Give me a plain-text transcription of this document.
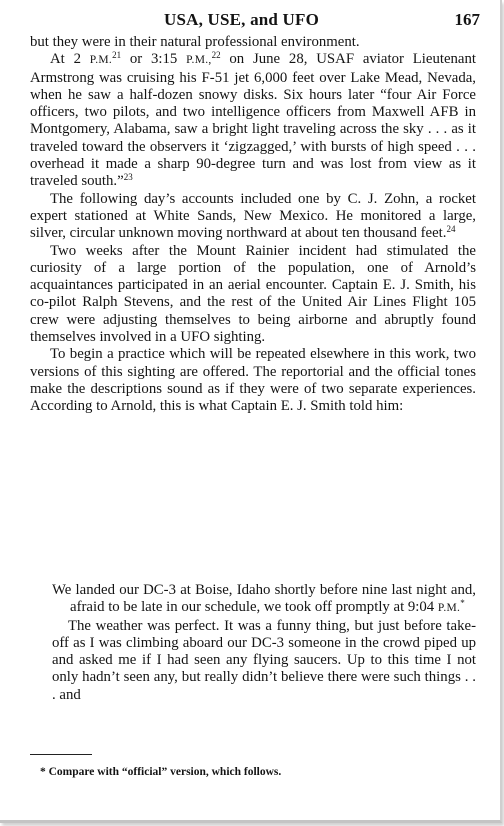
USA, USE, and UFO	167

but they were in their natural professional environment.

At 2 P.M.$^{21}$ or 3:15 P.M.,$^{22}$ on June 28, USAF aviator Lieutenant Armstrong was cruising his F-51 jet 6,000 feet over Lake Mead, Nevada, when he saw a half-dozen snowy disks. Six hours later “four Air Force officers, two pilots, and two intelligence officers from Maxwell AFB in Montgomery, Alabama, saw a bright light traveling across the sky . . . as it traveled toward the observers it ‘zigzagged,’ with bursts of high speed . . . overhead it made a sharp 90-degree turn and was lost from view as it traveled south.”$^{23}$

The following day’s accounts included one by C. J. Zohn, a rocket expert stationed at White Sands, New Mexico. He monitored a large, silver, circular unknown moving northward at about ten thousand feet.$^{24}$

Two weeks after the Mount Rainier incident had stimulated the curiosity of a large portion of the population, one of Arnold’s acquaintances participated in an aerial encounter. Captain E. J. Smith, his co-pilot Ralph Stevens, and the rest of the United Air Lines Flight 105 crew were adjusting themselves to being airborne and abruptly found themselves involved in a UFO sighting.

To begin a practice which will be repeated elsewhere in this work, two versions of this sighting are offered. The reportorial and the official tones make the descriptions sound as if they were of two separate experiences. According to Arnold, this is what Captain E. J. Smith told him:

We landed our DC-3 at Boise, Idaho shortly before nine last night and, afraid to be late in our schedule, we took off promptly at 9:04 P.M.*

The weather was perfect. It was a funny thing, but just before take-off as I was climbing aboard our DC-3 someone in the crowd piped up and asked me if I had seen any flying saucers. Up to this time I not only hadn’t seen any, but really didn’t believe there were such things . . . and

* Compare with “official” version, which follows.
